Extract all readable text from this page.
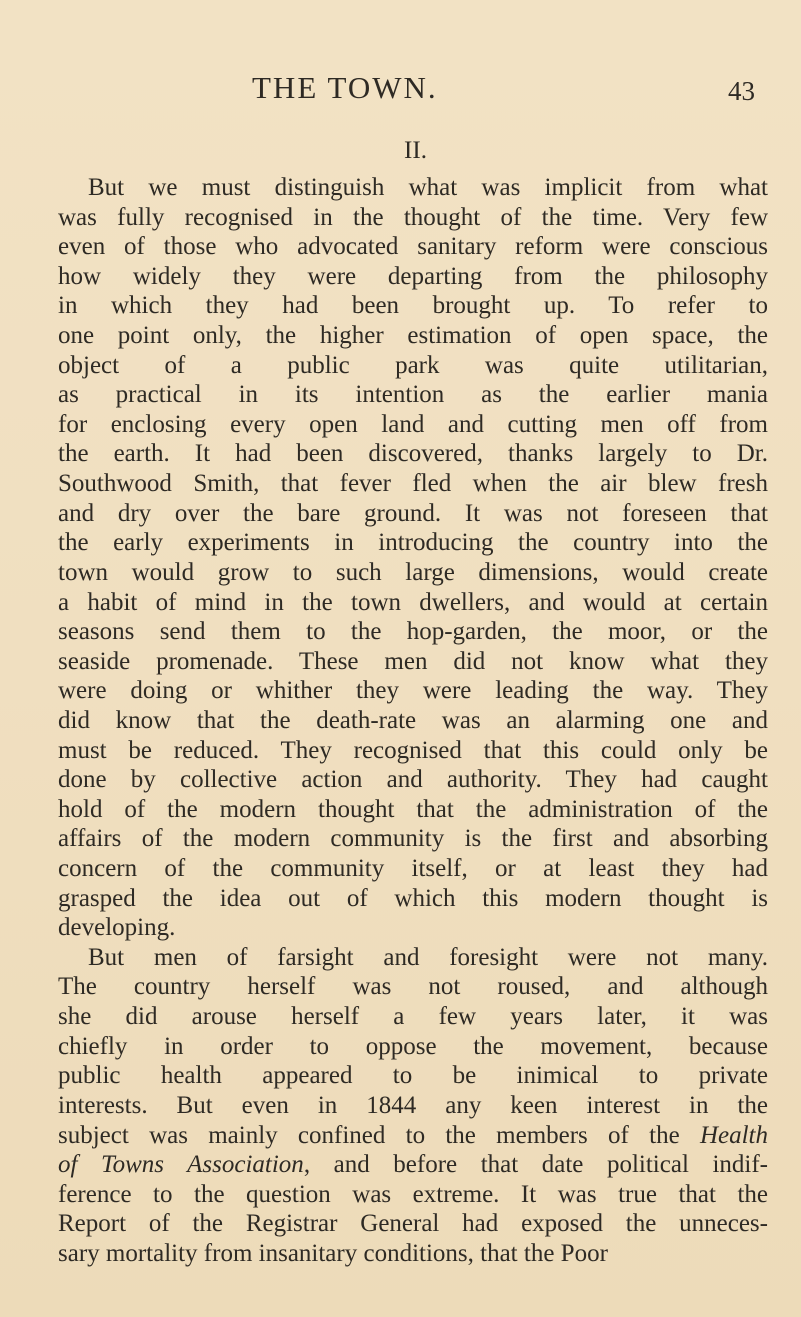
THE TOWN.	43
II.
But we must distinguish what was implicit from what
was fully recognised in the thought of the time. Very few
even of those who advocated sanitary reform were conscious
how widely they were departing from the philosophy
in which they had been brought up. To refer to
one point only, the higher estimation of open space, the
object of a public park was quite utilitarian,
as practical in its intention as the earlier mania
for enclosing every open land and cutting men off from
the earth. It had been discovered, thanks largely to Dr.
Southwood Smith, that fever fled when the air blew fresh
and dry over the bare ground. It was not foreseen that
the early experiments in introducing the country into the
town would grow to such large dimensions, would create
a habit of mind in the town dwellers, and would at certain
seasons send them to the hop-garden, the moor, or the
seaside promenade. These men did not know what they
were doing or whither they were leading the way. They
did know that the death-rate was an alarming one and
must be reduced. They recognised that this could only be
done by collective action and authority. They had caught
hold of the modern thought that the administration of the
affairs of the modern community is the first and absorbing
concern of the community itself, or at least they had
grasped the idea out of which this modern thought is
developing.
But men of farsight and foresight were not many.
The country herself was not roused, and although
she did arouse herself a few years later, it was
chiefly in order to oppose the movement, because
public health appeared to be inimical to private
interests. But even in 1844 any keen interest in the
subject was mainly confined to the members of the Health
of Towns Association, and before that date political indif-
ference to the question was extreme. It was true that the
Report of the Registrar General had exposed the unneces-
sary mortality from insanitary conditions, that the Poor
